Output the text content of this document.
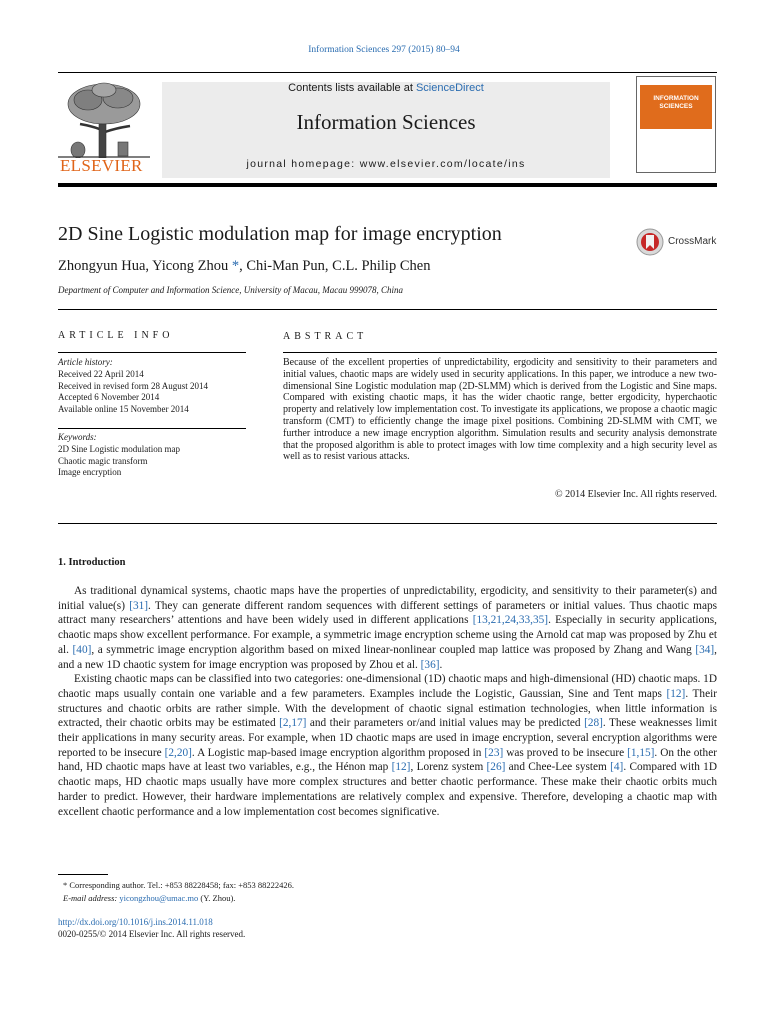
Information Sciences 297 (2015) 80–94
ELSEVIER
Contents lists available at ScienceDirect
Information Sciences
journal homepage: www.elsevier.com/locate/ins
INFORMATION SCIENCES
2D Sine Logistic modulation map for image encryption	CrossMark
Zhongyun Hua, Yicong Zhou *, Chi-Man Pun, C.L. Philip Chen
Department of Computer and Information Science, University of Macau, Macau 999078, China
ARTICLE INFO	ABSTRACT
Article history:
Received 22 April 2014
Received in revised form 28 August 2014
Accepted 6 November 2014
Available online 15 November 2014
Keywords:
2D Sine Logistic modulation map
Chaotic magic transform
Image encryption
Because of the excellent properties of unpredictability, ergodicity and sensitivity to their parameters and initial values, chaotic maps are widely used in security applications. In this paper, we introduce a new two-dimensional Sine Logistic modulation map (2D-SLMM) which is derived from the Logistic and Sine maps. Compared with existing chaotic maps, it has the wider chaotic range, better ergodicity, hyperchaotic property and relatively low implementation cost. To investigate its applications, we propose a chaotic magic transform (CMT) to efficiently change the image pixel positions. Combining 2D-SLMM with CMT, we further introduce a new image encryption algorithm. Simulation results and security analysis demonstrate that the proposed algorithm is able to protect images with low time complexity and a high security level as well as to resist various attacks.
© 2014 Elsevier Inc. All rights reserved.
1. Introduction

As traditional dynamical systems, chaotic maps have the properties of unpredictability, ergodicity, and sensitivity to their parameter(s) and initial value(s) [31]. They can generate different random sequences with different settings of parameters or initial values. Thus chaotic maps attract many researchers’ attentions and have been widely used in different applications [13,21,24,33,35]. Especially in security applications, chaotic maps show excellent performance. For example, a symmetric image encryption scheme using the Arnold cat map was proposed by Zhu et al. [40], a symmetric image encryption algorithm based on mixed linear-nonlinear coupled map lattice was proposed by Zhang and Wang [34], and a new 1D chaotic system for image encryption was proposed by Zhou et al. [36].

Existing chaotic maps can be classified into two categories: one-dimensional (1D) chaotic maps and high-dimensional (HD) chaotic maps. 1D chaotic maps usually contain one variable and a few parameters. Examples include the Logistic, Gaussian, Sine and Tent maps [12]. Their structures and chaotic orbits are rather simple. With the development of chaotic signal estimation technologies, when little information is extracted, their chaotic orbits may be estimated [2,17] and their parameters or/and initial values may be predicted [28]. These weaknesses limit their applications in many security areas. For example, when 1D chaotic maps are used in image encryption, several encryption algorithms were reported to be insecure [2,20]. A Logistic map-based image encryption algorithm proposed in [23] was proved to be insecure [1,15]. On the other hand, HD chaotic maps have at least two variables, e.g., the Hénon map [12], Lorenz system [26] and Chee-Lee system [4]. Compared with 1D chaotic maps, HD chaotic maps usually have more complex structures and better chaotic performance. These make their chaotic orbits much harder to predict. However, their hardware implementations are relatively complex and expensive. Therefore, developing a chaotic map with excellent chaotic performance and a low implementation cost becomes significative.

* Corresponding author. Tel.: +853 88228458; fax: +853 88222426.
E-mail address: yicongzhou@umac.mo (Y. Zhou).
http://dx.doi.org/10.1016/j.ins.2014.11.018
0020-0255/© 2014 Elsevier Inc. All rights reserved.
